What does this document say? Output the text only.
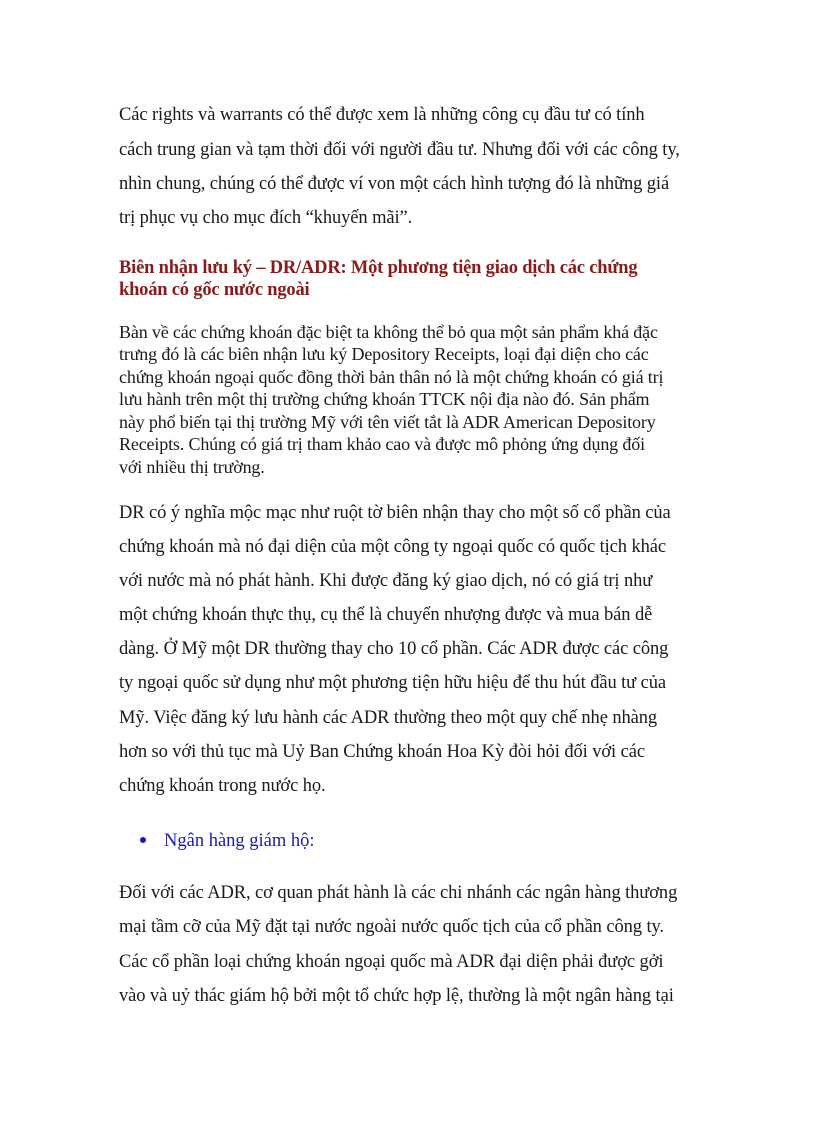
Các rights và warrants có thể được xem là những công cụ đầu tư có tính
cách trung gian và tạm thời đối với người đầu tư. Nhưng đối với các công ty,
nhìn chung, chúng có thể được ví von một cách hình tượng đó là những giá
trị phục vụ cho mục đích “khuyến mãi”.
Biên nhận lưu ký – DR/ADR: Một phương tiện giao dịch các chứng
khoán có gốc nước ngoài
Bàn về các chứng khoán đặc biệt ta không thể bỏ qua một sản phẩm khá đặc
trưng đó là các biên nhận lưu ký Depository Receipts, loại đại diện cho các
chứng khoán ngoại quốc đồng thời bản thân nó là một chứng khoán có giá trị
lưu hành trên một thị trường chứng khoán TTCK nội địa nào đó. Sản phẩm
này phổ biến tại thị trường Mỹ với tên viết tắt là ADR American Depository
Receipts. Chúng có giá trị tham khảo cao và được mô phỏng ứng dụng đối
với nhiều thị trường.
DR có ý nghĩa mộc mạc như ruột tờ biên nhận thay cho một số cổ phần của
chứng khoán mà nó đại diện của một công ty ngoại quốc có quốc tịch khác
với nước mà nó phát hành. Khi được đăng ký giao dịch, nó có giá trị như
một chứng khoán thực thụ, cụ thể là chuyển nhượng được và mua bán dễ
dàng. Ở Mỹ một DR thường thay cho 10 cổ phần. Các ADR được các công
ty ngoại quốc sử dụng như một phương tiện hữu hiệu để thu hút đầu tư của
Mỹ. Việc đăng ký lưu hành các ADR thường theo một quy chế nhẹ nhàng
hơn so với thủ tục mà Uỷ Ban Chứng khoán Hoa Kỳ đòi hỏi đối với các
chứng khoán trong nước họ.
Ngân hàng giám hộ:
Đối với các ADR, cơ quan phát hành là các chi nhánh các ngân hàng thương
mại tầm cỡ của Mỹ đặt tại nước ngoài nước quốc tịch của cổ phần công ty.
Các cổ phần loại chứng khoán ngoại quốc mà ADR đại diện phải được gởi
vào và uỷ thác giám hộ bởi một tổ chức hợp lệ, thường là một ngân hàng tại
